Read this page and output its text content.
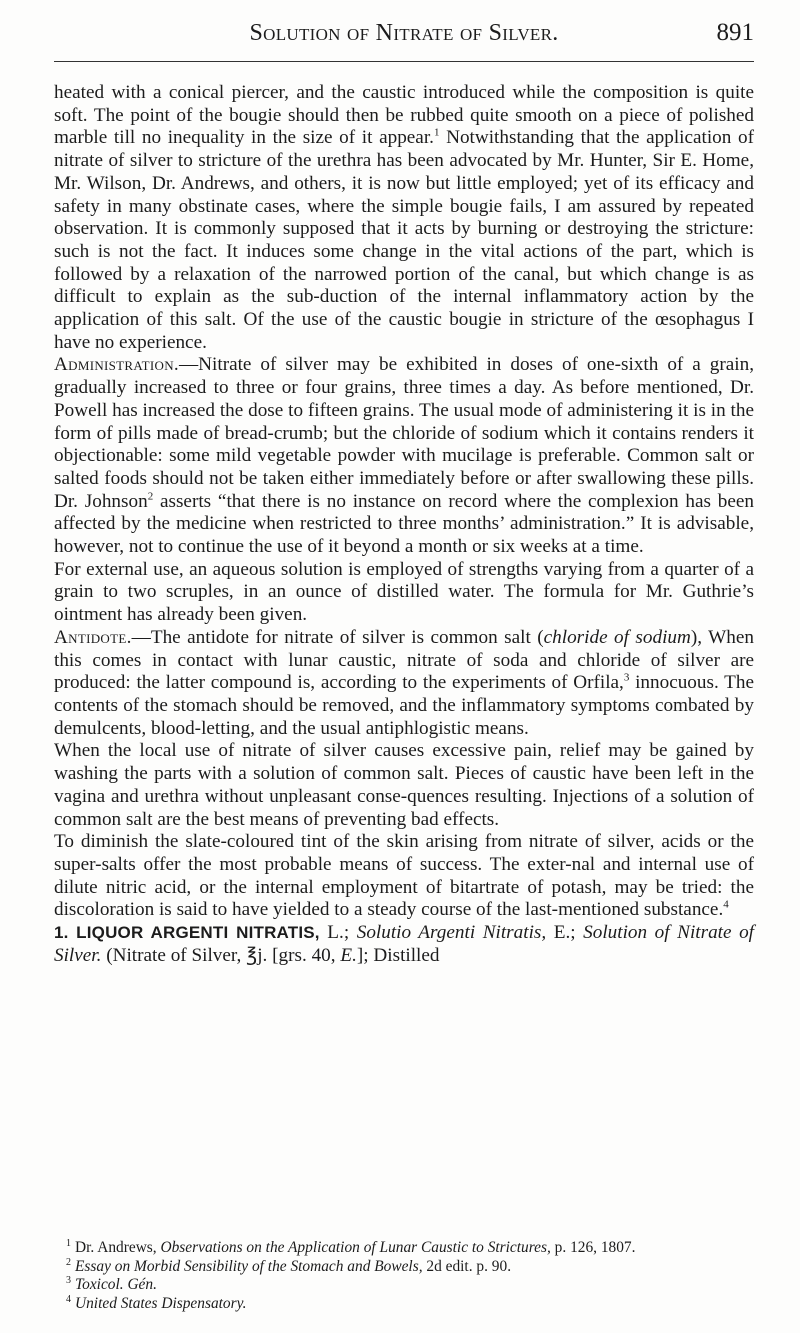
Solution of Nitrate of Silver.	891

heated with a conical piercer, and the caustic introduced while the composition is quite soft. The point of the bougie should then be rubbed quite smooth on a piece of polished marble till no inequality in the size of it appear.$^1$ Notwithstanding that the application of nitrate of silver to stricture of the urethra has been advocated by Mr. Hunter, Sir E. Home, Mr. Wilson, Dr. Andrews, and others, it is now but little employed; yet of its efficacy and safety in many obstinate cases, where the simple bougie fails, I am assured by repeated observation. It is commonly supposed that it acts by burning or destroying the stricture: such is not the fact. It induces some change in the vital actions of the part, which is followed by a relaxation of the narrowed portion of the canal, but which change is as difficult to explain as the sub-duction of the internal inflammatory action by the application of this salt. Of the use of the caustic bougie in stricture of the œsophagus I have no experience.

Administration.—Nitrate of silver may be exhibited in doses of one-sixth of a grain, gradually increased to three or four grains, three times a day. As before mentioned, Dr. Powell has increased the dose to fifteen grains. The usual mode of administering it is in the form of pills made of bread-crumb; but the chloride of sodium which it contains renders it objectionable: some mild vegetable powder with mucilage is preferable. Common salt or salted foods should not be taken either immediately before or after swallowing these pills. Dr. Johnson$^2$ asserts “that there is no instance on record where the complexion has been affected by the medicine when restricted to three months’ administration.” It is advisable, however, not to continue the use of it beyond a month or six weeks at a time.

For external use, an aqueous solution is employed of strengths varying from a quarter of a grain to two scruples, in an ounce of distilled water. The formula for Mr. Guthrie’s ointment has already been given.

Antidote.—The antidote for nitrate of silver is common salt (chloride of sodium), When this comes in contact with lunar caustic, nitrate of soda and chloride of silver are produced: the latter compound is, according to the experiments of Orfila,$^3$ innocuous. The contents of the stomach should be removed, and the inflammatory symptoms combated by demulcents, blood-letting, and the usual antiphlogistic means.

When the local use of nitrate of silver causes excessive pain, relief may be gained by washing the parts with a solution of common salt. Pieces of caustic have been left in the vagina and urethra without unpleasant conse-quences resulting. Injections of a solution of common salt are the best means of preventing bad effects.

To diminish the slate-coloured tint of the skin arising from nitrate of silver, acids or the super-salts offer the most probable means of success. The exter-nal and internal use of dilute nitric acid, or the internal employment of bitartrate of potash, may be tried: the discoloration is said to have yielded to a steady course of the last-mentioned substance.$^4$

1. LIQUOR ARGENTI NITRATIS, L.; Solutio Argenti Nitratis, E.; Solution of Nitrate of Silver. (Nitrate of Silver, ℥j. [grs. 40, E.]; Distilled

$^1$ Dr. Andrews, Observations on the Application of Lunar Caustic to Strictures, p. 126, 1807.

$^2$ Essay on Morbid Sensibility of the Stomach and Bowels, 2d edit. p. 90.

$^3$ Toxicol. Gén.

$^4$ United States Dispensatory.
